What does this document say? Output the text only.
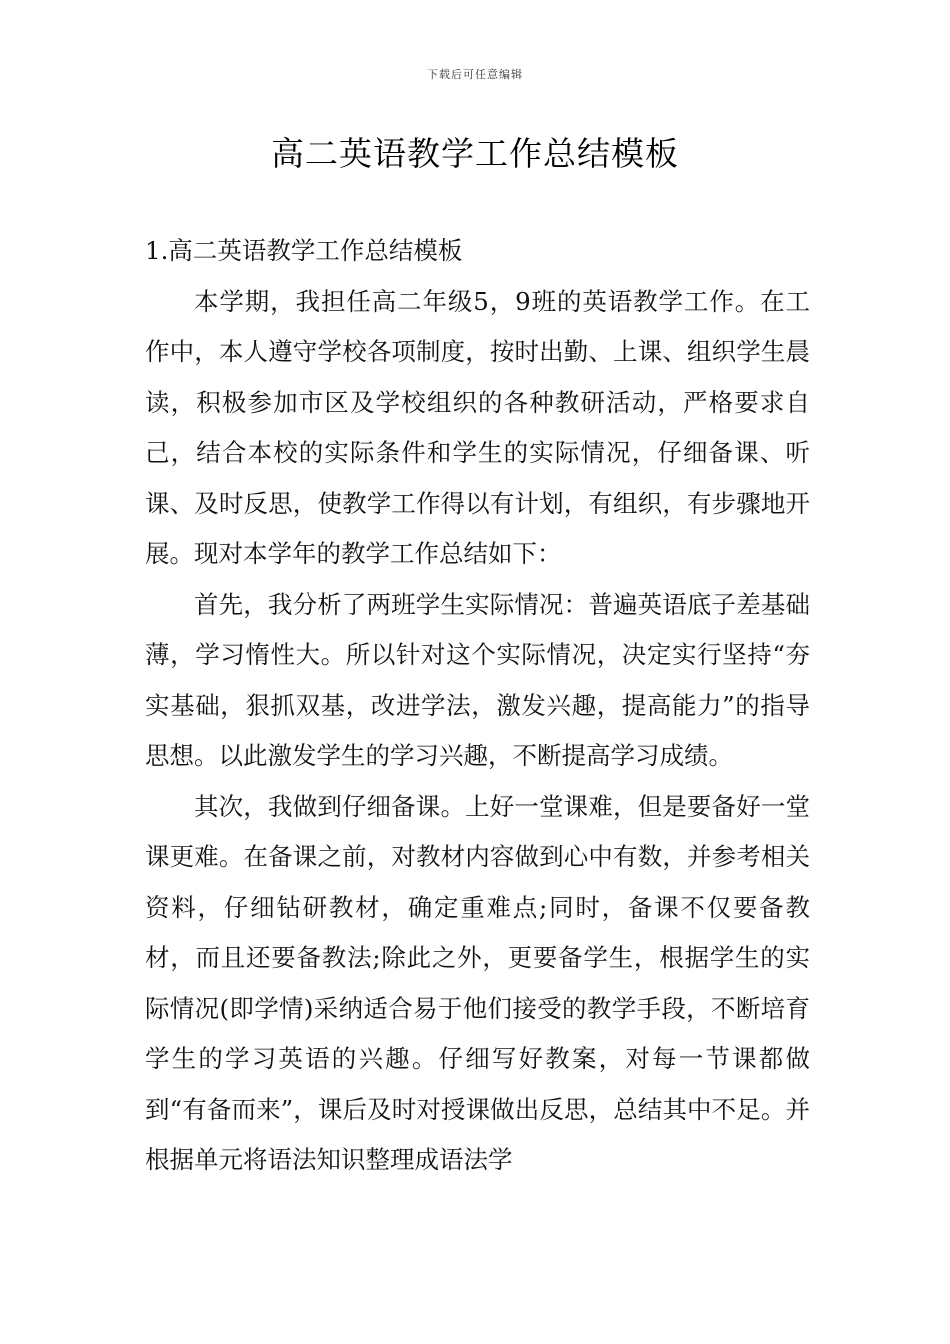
下载后可任意编辑
高二英语教学工作总结模板

1.高二英语教学工作总结模板

本学期，我担任高二年级5，9班的英语教学工作。在工作中，本人遵守学校各项制度，按时出勤、上课、组织学生晨读，积极参加市区及学校组织的各种教研活动，严格要求自己，结合本校的实际条件和学生的实际情况，仔细备课、听课、及时反思，使教学工作得以有计划，有组织，有步骤地开展。现对本学年的教学工作总结如下：

首先，我分析了两班学生实际情况：普遍英语底子差基础薄，学习惰性大。所以针对这个实际情况，决定实行坚持“夯实基础，狠抓双基，改进学法，激发兴趣，提高能力”的指导思想。以此激发学生的学习兴趣，不断提高学习成绩。

其次，我做到仔细备课。上好一堂课难，但是要备好一堂课更难。在备课之前，对教材内容做到心中有数，并参考相关资料，仔细钻研教材，确定重难点;同时，备课不仅要备教材，而且还要备教法;除此之外，更要备学生，根据学生的实际情况(即学情)采纳适合易于他们接受的教学手段，不断培育学生的学习英语的兴趣。仔细写好教案，对每一节课都做到“有备而来”，课后及时对授课做出反思，总结其中不足。并根据单元将语法知识整理成语法学
